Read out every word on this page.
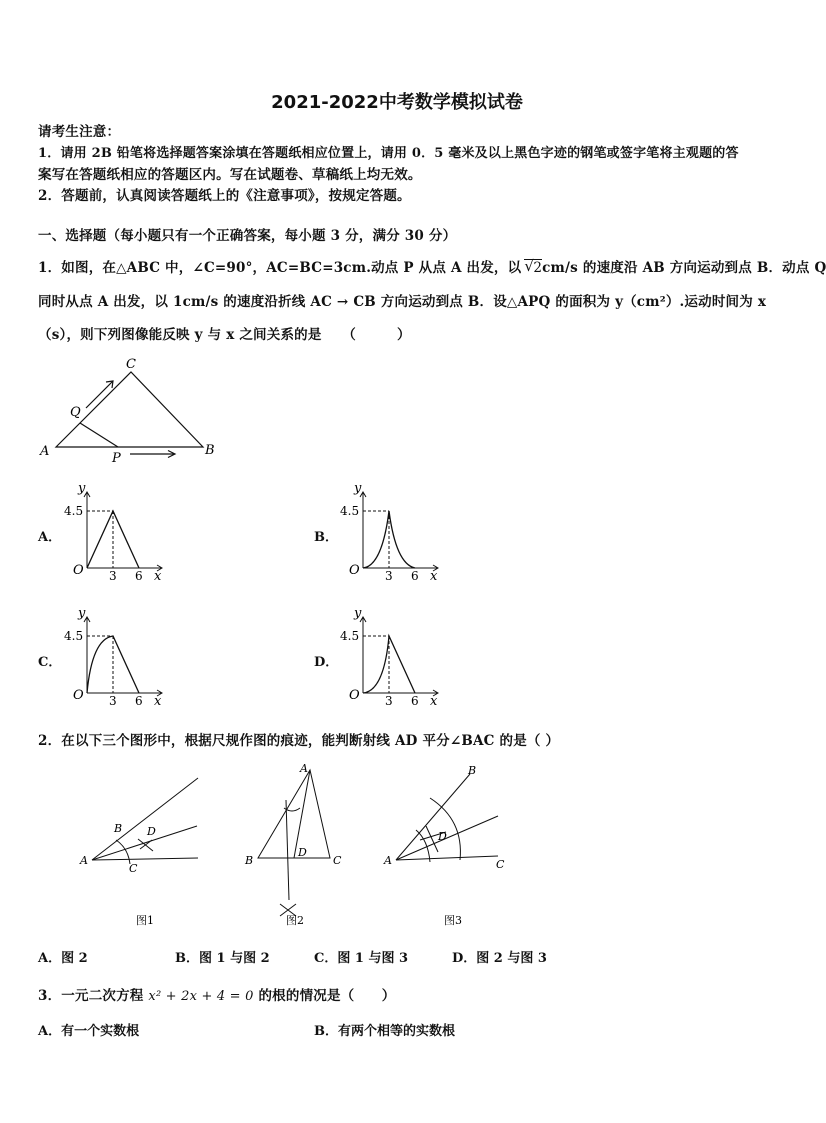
2021-2022中考数学模拟试卷
请考生注意：
1．请用 2B 铅笔将选择题答案涂填在答题纸相应位置上，请用 0．5 毫米及以上黑色字迹的钢笔或签字笔将主观题的答
案写在答题纸相应的答题区内。写在试题卷、草稿纸上均无效。
2．答题前，认真阅读答题纸上的《注意事项》，按规定答题。
一、选择题（每小题只有一个正确答案，每小题 3 分，满分 30 分）
1．如图，在△ABC 中，∠C=90°，AC=BC=3cm.动点 P 从点 A 出发，以 √ 2cm/s 的速度沿 AB 方向运动到点 B．动点 Q
同时从点 A 出发，以 1cm/s 的速度沿折线 AC → CB 方向运动到点 B．设△APQ 的面积为 y（cm²）.运动时间为 x
（s），则下列图像能反映 y 与 x 之间关系的是　　（　　　）
A	B
C
Q
P
A．
4.5
3 6 x
y
O
B．
4.5
3 6 x
y
O
C．
4.5
3 6 x
y
O
D．
4.5
3 6 x
y
O
2．在以下三个图形中，根据尺规作图的痕迹，能判断射线 AD 平分∠BAC 的是（ ）
A
B
C
D
图1
A
B	C
D
图2
A
B
C
D
图3
A．图 2	B．图 1 与图 2	C．图 1 与图 3	D．图 2 与图 3
3．一元二次方程 x² + 2x + 4 = 0 的根的情况是（　　）
A．有一个实数根	B．有两个相等的实数根
